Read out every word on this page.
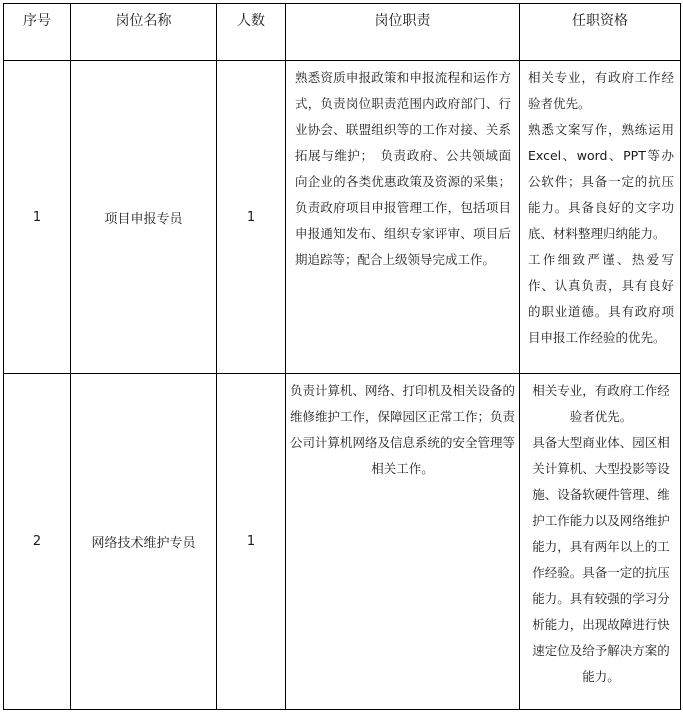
序号	岗位名称	人数	岗位职责	任职资格
1	项目申报专员	1	熟悉资质申报政策和申报流程和运作方式，负责岗位职责范围内政府部门、行业协会、联盟组织等的工作对接、关系拓展与维护；　负责政府、公共领域面向企业的各类优惠政策及资源的采集；负责政府项目申报管理工作，包括项目申报通知发布、组织专家评审、项目后期追踪等；配合上级领导完成工作。	相关专业，有政府工作经验者优先。

熟悉文案写作，熟练运用Excel、word、PPT等办公软件；具备一定的抗压能力。具备良好的文字功底、材料整理归纳能力。

工作细致严谨、热爱写作、认真负责，具有良好的职业道德。具有政府项目申报工作经验的优先。

2	网络技术维护专员	1	负责计算机、网络、打印机及相关设备的维修维护工作，保障园区正常工作；负责公司计算机网络及信息系统的安全管理等相关工作。	相关专业，有政府工作经验者优先。

具备大型商业体、园区相关计算机、大型投影等设施、设备软硬件管理、维护工作能力以及网络维护能力，具有两年以上的工作经验。具备一定的抗压能力。具有较强的学习分析能力，出现故障进行快速定位及给予解决方案的能力。
